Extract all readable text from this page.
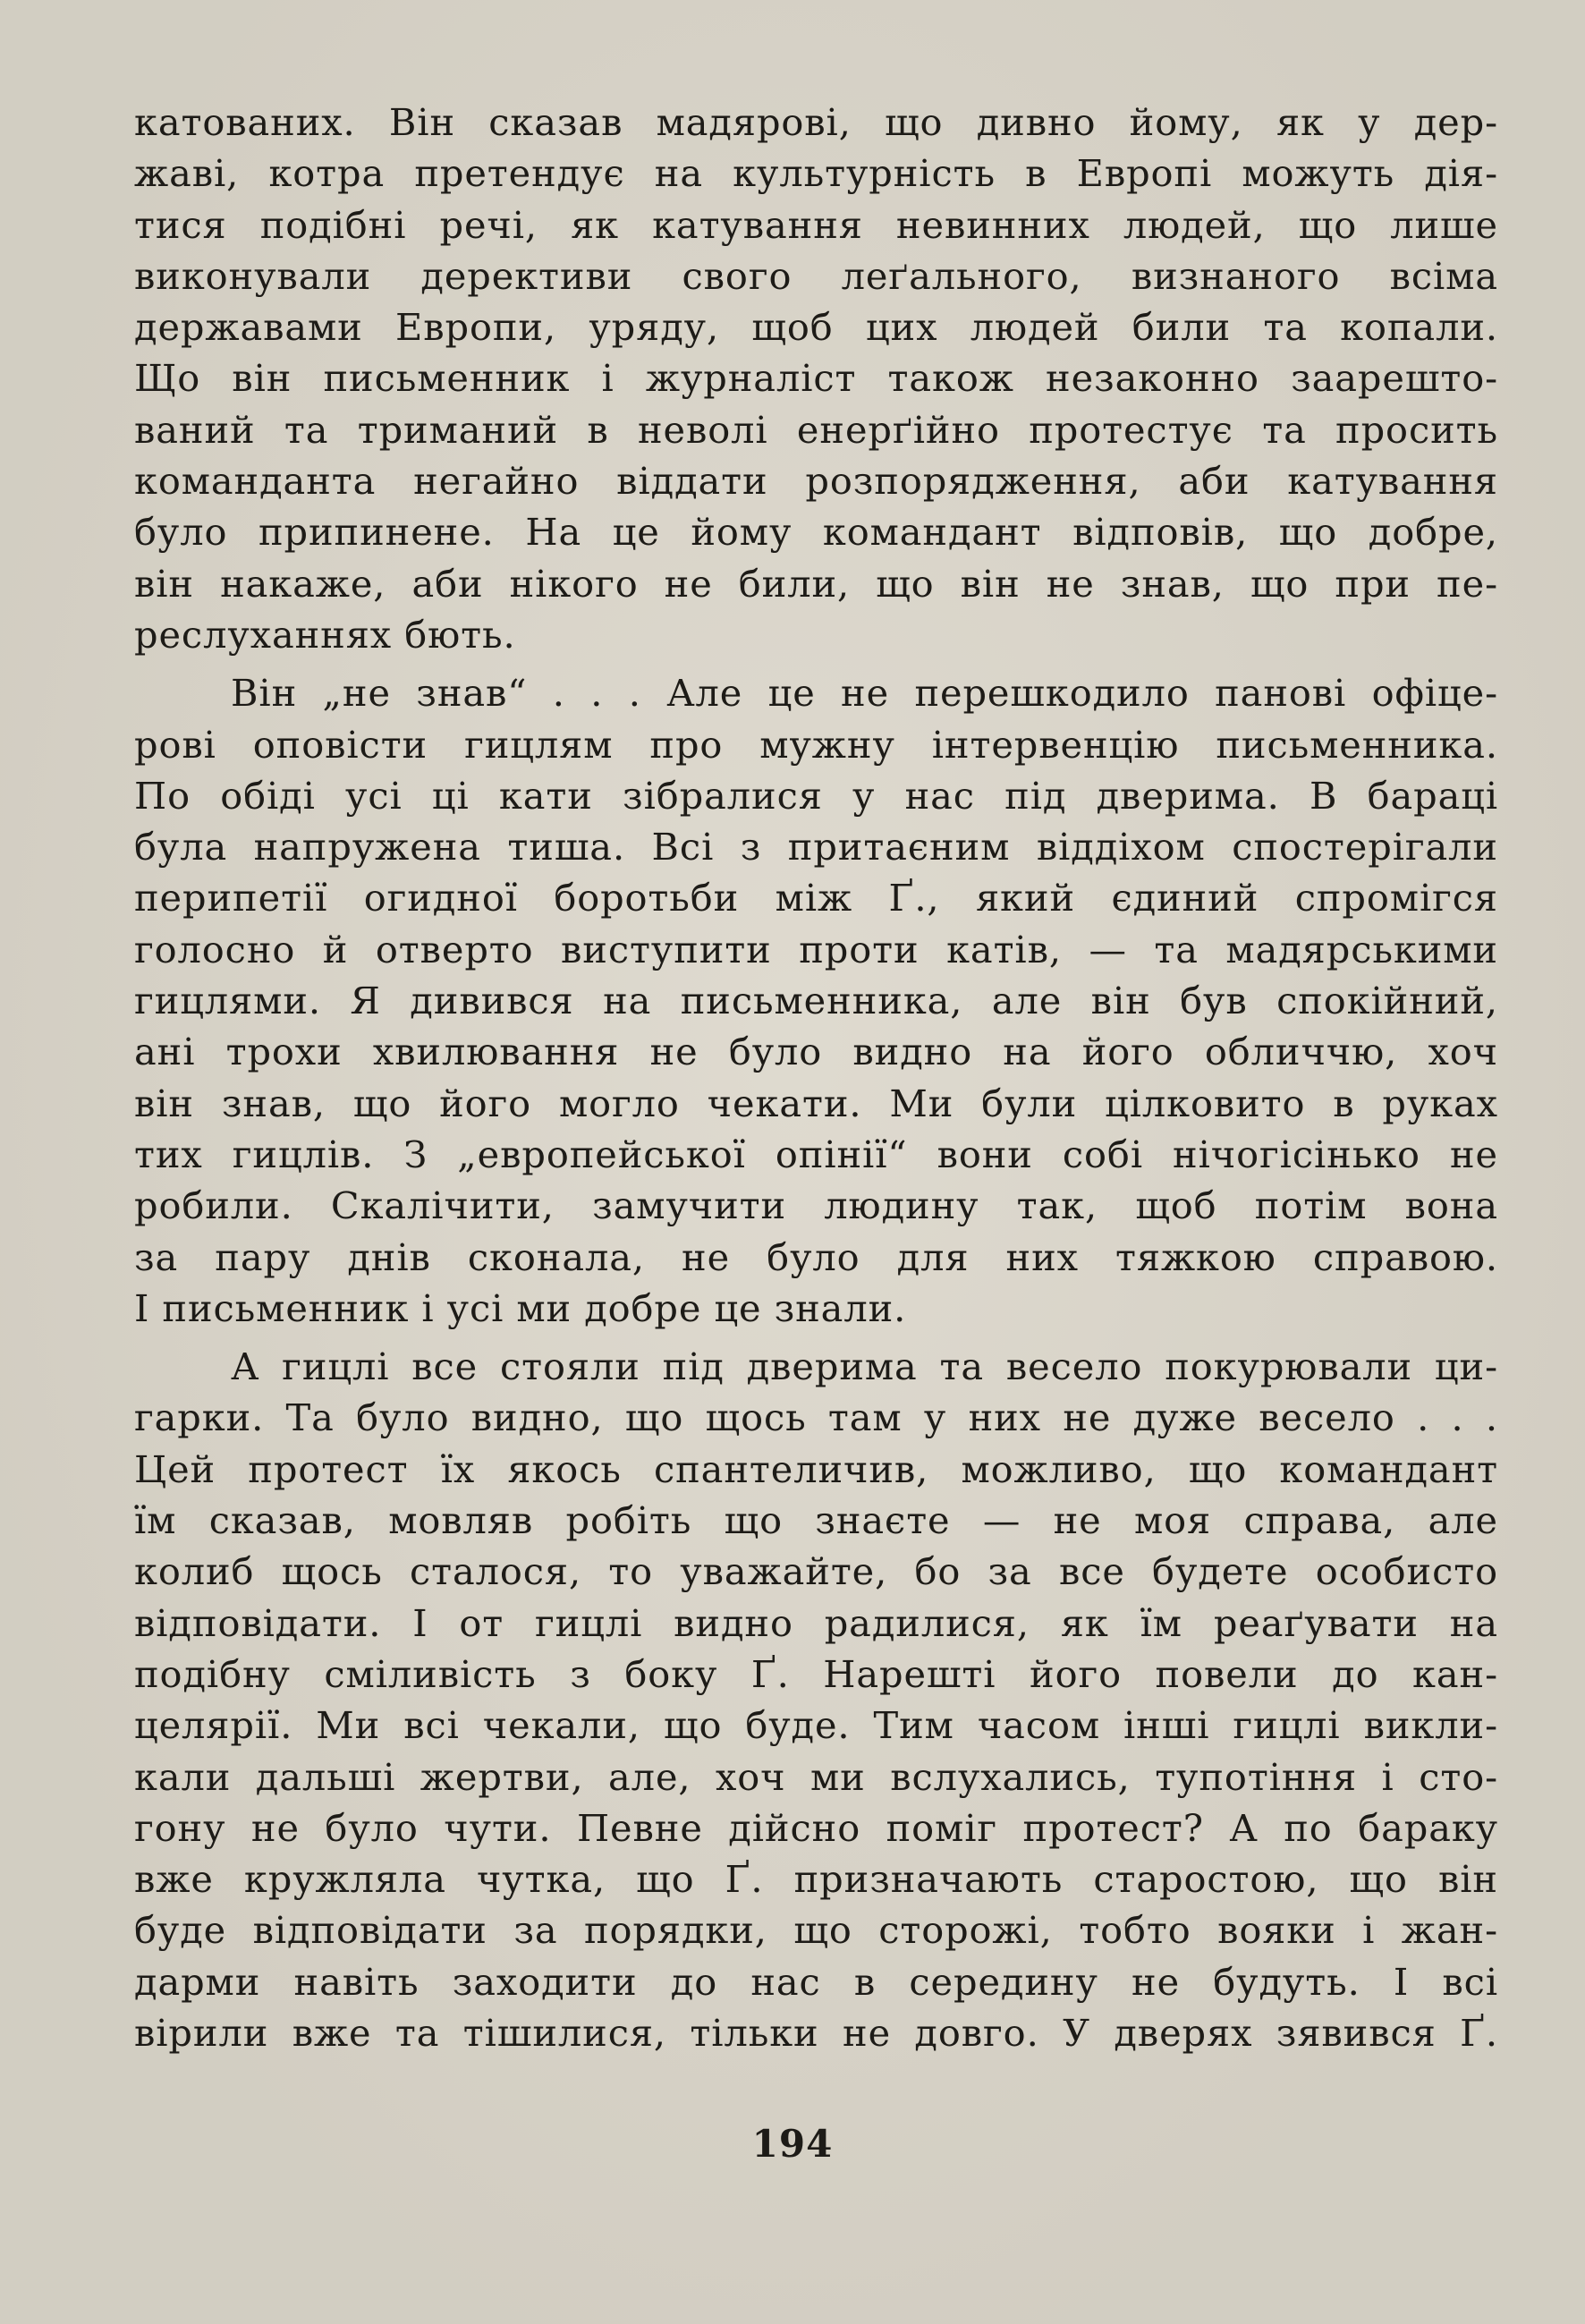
катованих. Він сказав мадярові, що дивно йому, як у дер-
жаві, котра претендує на культурність в Европі можуть дія-
тися подібні речі, як катування невинних людей, що лише
виконували дерективи свого леґального, визнаного всіма
державами Европи, уряду, щоб цих людей били та копали.
Що він письменник і журналіст також незаконно заарешто-
ваний та триманий в неволі енерґійно протестує та просить
команданта негайно віддати розпорядження, аби катування
було припинене. На це йому командант відповів, що добре,
він накаже, аби нікого не били, що він не знав, що при пе-
реслуханнях бють.
Він „не знав“ . . . Але це не перешкодило панові офіце-
рові оповісти гицлям про мужну інтервенцію письменника.
По обіді усі ці кати зібралися у нас під дверима. В бараці
була напружена тиша. Всі з притаєним віддіхом спостерігали
перипетії огидної боротьби між Ґ., який єдиний спромігся
голосно й отверто виступити проти катів, — та мадярськими
гицлями. Я дивився на письменника, але він був спокійний,
ані трохи хвилювання не було видно на його обличчю, хоч
він знав, що його могло чекати. Ми були цілковито в руках
тих гицлів. З „европейської опінії“ вони собі нічогісінько не
робили. Скалічити, замучити людину так, щоб потім вона
за пару днів сконала, не було для них тяжкою справою.
І письменник і усі ми добре це знали.
А гицлі все стояли під дверима та весело покурювали ци-
гарки. Та було видно, що щось там у них не дуже весело . . .
Цей протест їх якось спантеличив, можливо, що командант
їм сказав, мовляв робіть що знаєте — не моя справа, але
колиб щось сталося, то уважайте, бо за все будете особисто
відповідати. І от гицлі видно радилися, як їм реаґувати на
подібну сміливість з боку Ґ. Нарешті його повели до кан-
целярії. Ми всі чекали, що буде. Тим часом інші гицлі викли-
кали дальші жертви, але, хоч ми вслухались, тупотіння і сто-
гону не було чути. Певне дійсно поміг протест? А по бараку
вже кружляла чутка, що Ґ. призначають старостою, що він
буде відповідати за порядки, що сторожі, тобто вояки і жан-
дарми навіть заходити до нас в середину не будуть. І всі
вірили вже та тішилися, тільки не довго. У дверях зявився Ґ.
194
